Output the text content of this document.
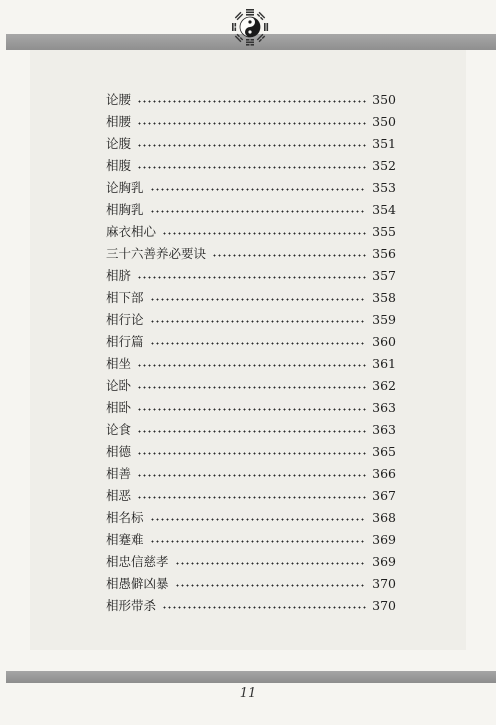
论腰	350
相腰	350
论腹	351
相腹	352
论胸乳	353
相胸乳	354
麻衣相心	355
三十六善养必要诀	356
相脐	357
相下部	358
相行论	359
相行篇	360
相坐	361
论卧	362
相卧	363
论食	363
相德	365
相善	366
相恶	367
相名标	368
相蹇难	369
相忠信慈孝	369
相愚僻凶暴	370
相形带杀	370
11
